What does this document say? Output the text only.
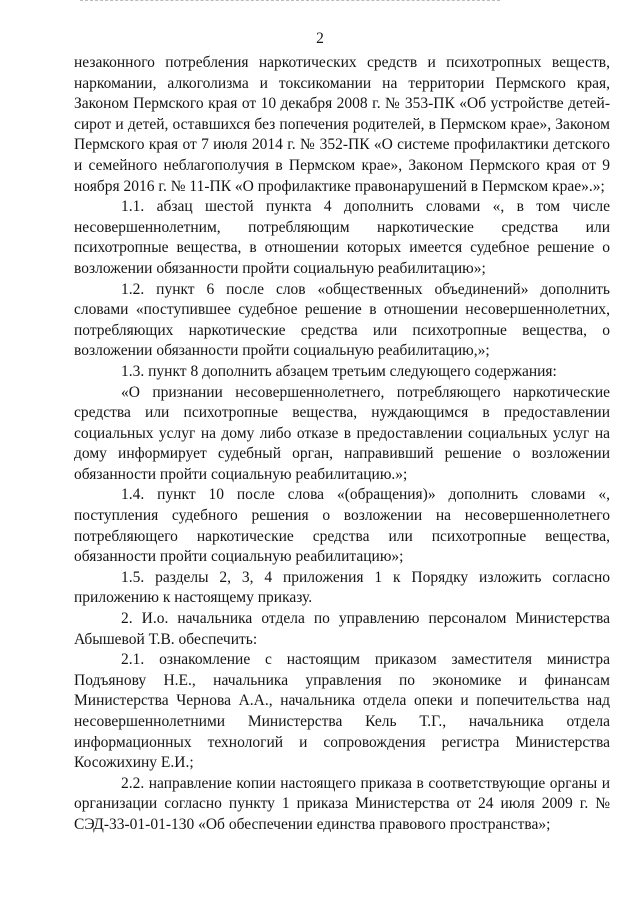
2

незаконного потребления наркотических средств и психотропных веществ, наркомании, алкоголизма и токсикомании на территории Пермского края, Законом Пермского края от 10 декабря 2008 г. № 353-ПК «Об устройстве детей-сирот и детей, оставшихся без попечения родителей, в Пермском крае», Законом Пермского края от 7 июля 2014 г. № 352-ПК «О системе профилактики детского и семейного неблагополучия в Пермском крае», Законом Пермского края от 9 ноября 2016 г. № 11-ПК «О профилактике правонарушений в Пермском крае».»;

1.1. абзац шестой пункта 4 дополнить словами «, в том числе несовершеннолетним, потребляющим наркотические средства или психотропные вещества, в отношении которых имеется судебное решение о возложении обязанности пройти социальную реабилитацию»;

1.2. пункт 6 после слов «общественных объединений» дополнить словами «поступившее судебное решение в отношении несовершеннолетних, потребляющих наркотические средства или психотропные вещества, о возложении обязанности пройти социальную реабилитацию,»;

1.3. пункт 8 дополнить абзацем третьим следующего содержания:

«О признании несовершеннолетнего, потребляющего наркотические средства или психотропные вещества, нуждающимся в предоставлении социальных услуг на дому либо отказе в предоставлении социальных услуг на дому информирует судебный орган, направивший решение о возложении обязанности пройти социальную реабилитацию.»;

1.4. пункт 10 после слова «(обращения)» дополнить словами «, поступления судебного решения о возложении на несовершеннолетнего потребляющего наркотические средства или психотропные вещества, обязанности пройти социальную реабилитацию»;

1.5. разделы 2, 3, 4 приложения 1 к Порядку изложить согласно приложению к настоящему приказу.

2. И.о. начальника отдела по управлению персоналом Министерства Абышевой Т.В. обеспечить:

2.1. ознакомление с настоящим приказом заместителя министра Подъянову Н.Е., начальника управления по экономике и финансам Министерства Чернова А.А., начальника отдела опеки и попечительства над несовершеннолетними Министерства Кель Т.Г., начальника отдела информационных технологий и сопровождения регистра Министерства Косожихину Е.И.;

2.2. направление копии настоящего приказа в соответствующие органы и организации согласно пункту 1 приказа Министерства от 24 июля 2009 г. № СЭД-33-01-01-130 «Об обеспечении единства правового пространства»;
